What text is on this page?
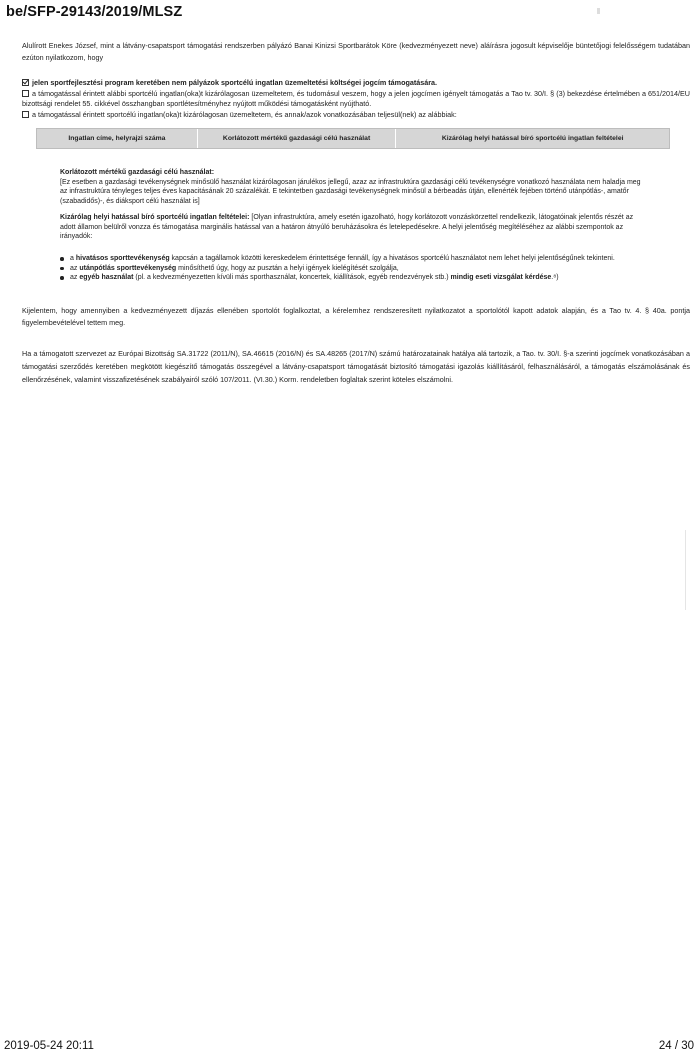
be/SFP-29143/2019/MLSZ
Alulírott Enekes József, mint a látvány-csapatsport támogatási rendszerben pályázó Banai Kinizsi Sportbarátok Köre (kedvezményezett neve) aláírásra jogosult képviselője büntetőjogi felelősségem tudatában ezúton nyilatkozom, hogy
jelen sportfejlesztési program keretében nem pályázok sportcélú ingatlan üzemeltetési költségei jogcím támogatására.
a támogatással érintett alábbi sportcélú ingatlan(oka)t kizárólagosan üzemeltetem, és tudomásul veszem, hogy a jelen jogcímen igényelt támogatás a Tao tv. 30/I. § (3) bekezdése értelmében a 651/2014/EU bizottsági rendelet 55. cikkével összhangban sportlétesítményhez nyújtott működési támogatásként nyújtható.
a támogatással érintett sportcélú ingatlan(oka)t kizárólagosan üzemeltetem, és annak/azok vonatkozásában teljesül(nek) az alábbiak:
Ingatlan címe, helyrajzi száma	Korlátozott mértékű gazdasági célú használat	Kizárólag helyi hatással bíró sportcélú ingatlan feltételei
Korlátozott mértékű gazdasági célú használat:
[Ez esetben a gazdasági tevékenységnek minősülő használat kizárólagosan járulékos jellegű, azaz az infrastruktúra gazdasági célú tevékenységre vonatkozó használata nem haladja meg az infrastruktúra tényleges teljes éves kapacitásának 20 százalékát. E tekintetben gazdasági tevékenységnek minősül a bérbeadás útján, ellenérték fejében történő utánpótlás-, amatőr (szabadidős)-, és diáksport célú használat is]
Kizárólag helyi hatással bíró sportcélú ingatlan feltételei: [Olyan infrastruktúra, amely esetén igazolható, hogy korlátozott vonzáskörzettel rendelkezik, látogatóinak jelentős részét az adott államon belülről vonzza és támogatása marginális hatással van a határon átnyúló beruházásokra és letelepedésekre. A helyi jelentőség megítéléséhez az alábbi szempontok az irányadók:
a hivatásos sporttevékenység kapcsán a tagállamok közötti kereskedelem érintettsége fennáll, így a hivatásos sportcélú használatot nem lehet helyi jelentőségűnek tekinteni.
az utánpótlás sporttevékenység minősíthető úgy, hogy az pusztán a helyi igények kielégítését szolgálja,
az egyéb használat (pl. a kedvezményezetten kívüli más sporthasználat, koncertek, kiállítások, egyéb rendezvények stb.) mindig eseti vizsgálat kérdése.⁸)
Kijelentem, hogy amennyiben a kedvezményezett díjazás ellenében sportolót foglalkoztat, a kérelemhez rendszeresített nyilatkozatot a sportolótól kapott adatok alapján, és a Tao tv. 4. § 40a. pontja figyelembevételével tettem meg.
Ha a támogatott szervezet az Európai Bizottság SA.31722 (2011/N), SA.46615 (2016/N) és SA.48265 (2017/N) számú határozatainak hatálya alá tartozik, a Tao. tv. 30/I. §-a szerinti jogcímek vonatkozásában a támogatási szerződés keretében megkötött kiegészítő támogatás összegével a látvány-csapatsport támogatását biztosító támogatási igazolás kiállításáról, felhasználásáról, a támogatás elszámolásának és ellenőrzésének, valamint visszafizetésének szabályairól szóló 107/2011. (VI.30.) Korm. rendeletben foglaltak szerint köteles elszámolni.
2019-05-24 20:11	24 / 30
